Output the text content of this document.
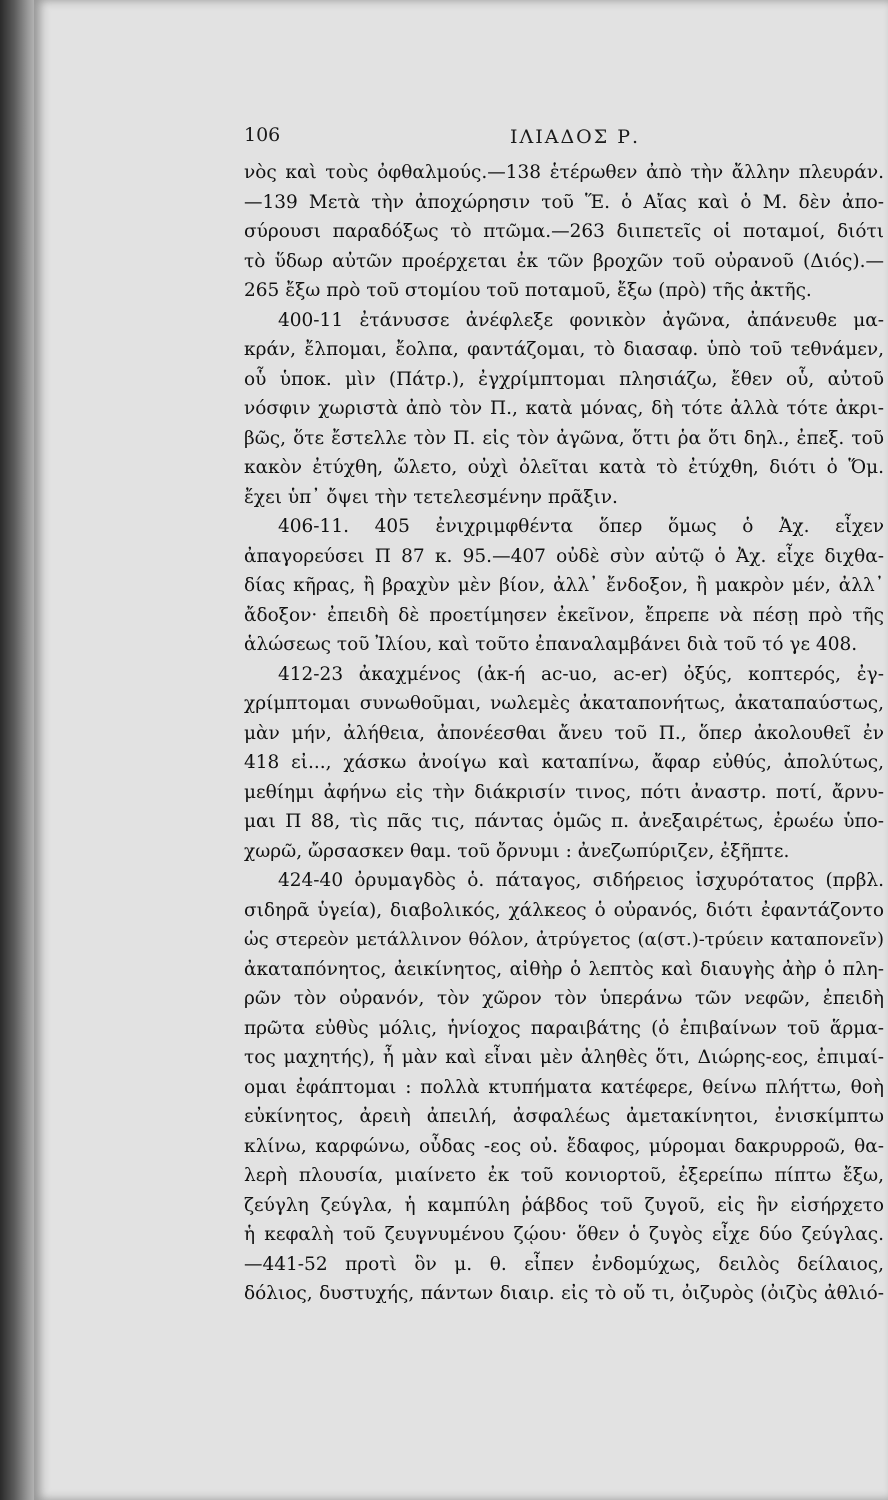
106	ΙΛΙΑΔΟΣ Ρ.
νὸς καὶ τοὺς ὀφθαλμούς.—138 ἑτέρωθεν ἀπὸ τὴν ἄλλην πλευράν.
—139 Μετὰ τὴν ἀποχώρησιν τοῦ Ἕ. ὁ Αἴας καὶ ὁ Μ. δὲν ἀπο-
σύρουσι παραδόξως τὸ πτῶμα.—263 διιπετεῖς οἱ ποταμοί, διότι
τὸ ὕδωρ αὐτῶν προέρχεται ἐκ τῶν βροχῶν τοῦ οὐρανοῦ (Διός).—
265 ἔξω πρὸ τοῦ στομίου τοῦ ποταμοῦ, ἔξω (πρὸ) τῆς ἀκτῆς.
400-11 ἐτάνυσσε ἀνέφλεξε φονικὸν ἀγῶνα, ἀπάνευθε μα-
κράν, ἔλπομαι, ἔολπα, φαντάζομαι, τὸ διασαφ. ὑπὸ τοῦ τεθνάμεν,
οὗ ὑποκ. μὶν (Πάτρ.), ἐγχρίμπτομαι πλησιάζω, ἔθεν οὗ, αὐτοῦ
νόσφιν χωριστὰ ἀπὸ τὸν Π., κατὰ μόνας, δὴ τότε ἀλλὰ τότε ἀκρι-
βῶς, ὅτε ἔστελλε τὸν Π. εἰς τὸν ἀγῶνα, ὅττι ῥα ὅτι δηλ., ἐπεξ. τοῦ
κακὸν ἐτύχθη, ὤλετο, οὐχὶ ὀλεῖται κατὰ τὸ ἐτύχθη, διότι ὁ Ὅμ.
ἔχει ὑπ᾽ ὄψει τὴν τετελεσμένην πρᾶξιν.
406-11. 405 ἐνιχριμφθέντα ὅπερ ὅμως ὁ Ἀχ. εἶχεν
ἀπαγορεύσει Π 87 κ. 95.—407 οὐδὲ σὺν αὐτῷ ὁ Ἀχ. εἶχε διχθα-
δίας κῆρας, ἢ βραχὺν μὲν βίον, ἀλλ᾽ ἔνδοξον, ἢ μακρὸν μέν, ἀλλ᾽
ἄδοξον· ἐπειδὴ δὲ προετίμησεν ἐκεῖνον, ἔπρεπε νὰ πέσῃ πρὸ τῆς
ἁλώσεως τοῦ Ἰλίου, καὶ τοῦτο ἐπαναλαμβάνει διὰ τοῦ τό γε 408.
412-23 ἀκαχμένος (ἀκ-ή ac-uo, ac-er) ὀξύς, κοπτερός, ἐγ-
χρίμπτομαι συνωθοῦμαι, νωλεμὲς ἀκαταπονήτως, ἀκαταπαύστως,
μὰν μήν, ἀλήθεια, ἀπονέεσθαι ἄνευ τοῦ Π., ὅπερ ἀκολουθεῖ ἐν
418 εἰ..., χάσκω ἀνοίγω καὶ καταπίνω, ἄφαρ εὐθύς, ἀπολύτως,
μεθίημι ἀφήνω εἰς τὴν διάκρισίν τινος, πότι ἀναστρ. ποτί, ἄρνυ-
μαι Π 88, τὶς πᾶς τις, πάντας ὁμῶς π. ἀνεξαιρέτως, ἐρωέω ὑπο-
χωρῶ, ὤρσασκεν θαμ. τοῦ ὄρνυμι : ἀνεζωπύριζεν, ἐξῆπτε.
424-40 ὀρυμαγδὸς ὁ. πάταγος, σιδήρειος ἰσχυρότατος (πρβλ.
σιδηρᾶ ὑγεία), διαβολικός, χάλκεος ὁ οὐρανός, διότι ἐφαντάζοντο
ὡς στερεὸν μετάλλινον θόλον, ἀτρύγετος (α(στ.)-τρύειν καταπονεῖν)
ἀκαταπόνητος, ἀεικίνητος, αἰθὴρ ὁ λεπτὸς καὶ διαυγὴς ἀὴρ ὁ πλη-
ρῶν τὸν οὐρανόν, τὸν χῶρον τὸν ὑπεράνω τῶν νεφῶν, ἐπειδὴ
πρῶτα εὐθὺς μόλις, ἡνίοχος παραιβάτης (ὁ ἐπιβαίνων τοῦ ἅρμα-
τος μαχητής), ἦ μὰν καὶ εἶναι μὲν ἀληθὲς ὅτι, Διώρης-εος, ἐπιμαί-
ομαι ἐφάπτομαι : πολλὰ κτυπήματα κατέφερε, θείνω πλήττω, θοὴ
εὐκίνητος, ἀρειὴ ἀπειλή, ἀσφαλέως ἀμετακίνητοι, ἐνισκίμπτω
κλίνω, καρφώνω, οὖδας -εος οὐ. ἔδαφος, μύρομαι δακρυρροῶ, θα-
λερὴ πλουσία, μιαίνετο ἐκ τοῦ κονιορτοῦ, ἐξερείπω πίπτω ἔξω,
ζεύγλη ζεύγλα, ἡ καμπύλη ῥάβδος τοῦ ζυγοῦ, εἰς ἣν εἰσήρχετο
ἡ κεφαλὴ τοῦ ζευγνυμένου ζῴου· ὅθεν ὁ ζυγὸς εἶχε δύο ζεύγλας.
—441-52 προτὶ ὃν μ. θ. εἶπεν ἐνδομύχως, δειλὸς δείλαιος,
δόλιος, δυστυχής, πάντων διαιρ. εἰς τὸ οὔ τι, ὀιζυρὸς (ὀιζὺς ἀθλιό-
